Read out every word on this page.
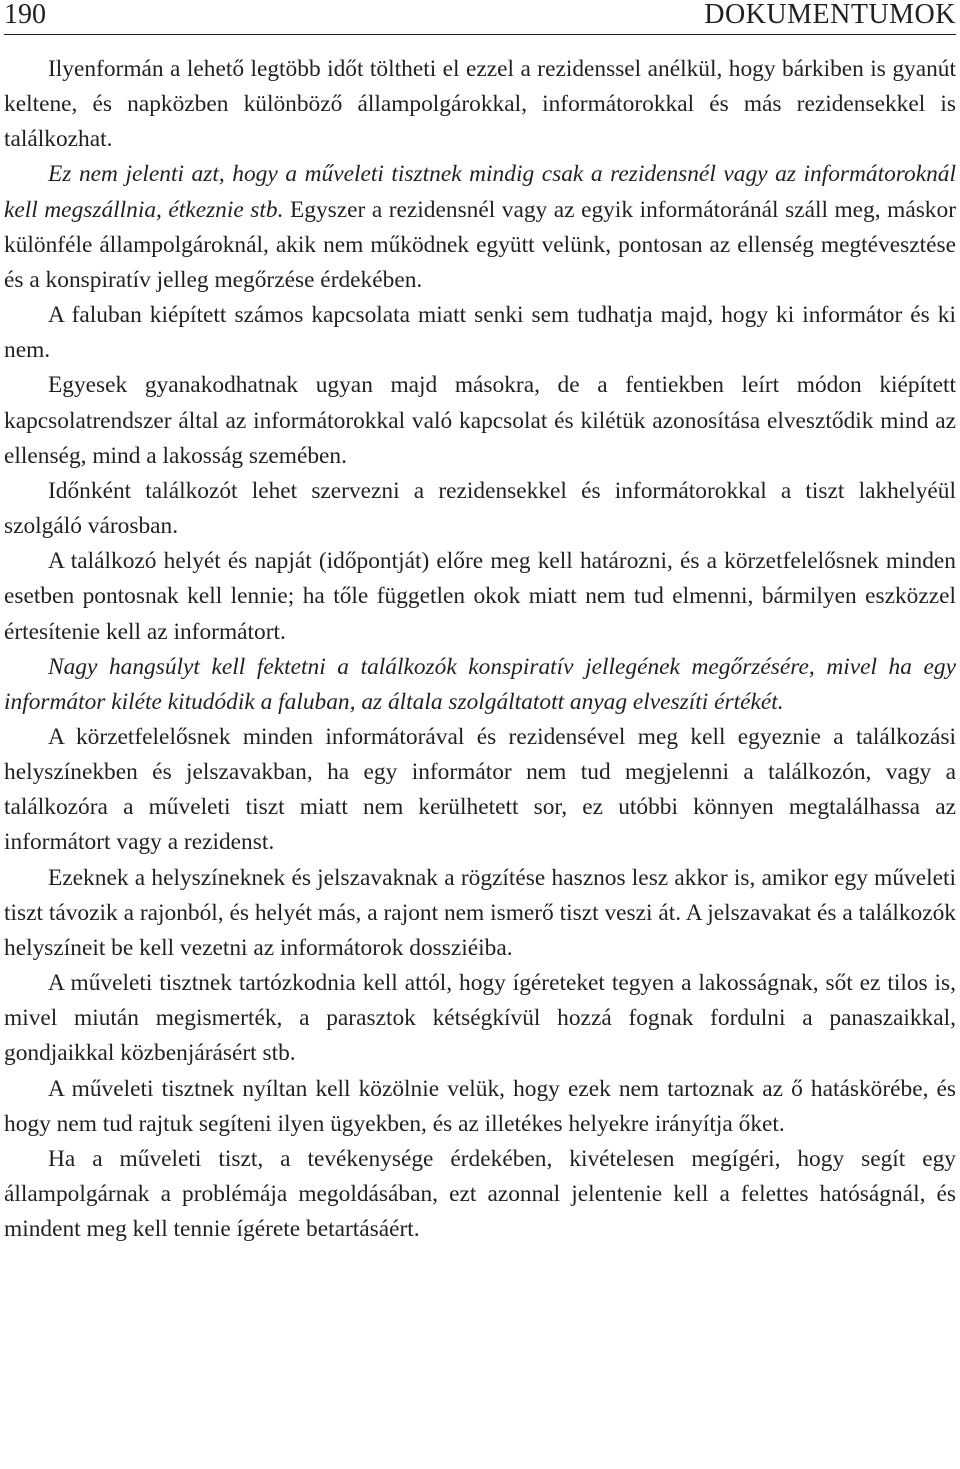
190	DOKUMENTUMOK

Ilyenformán a lehető legtöbb időt töltheti el ezzel a rezidenssel anélkül, hogy bárkiben is gyanút keltene, és napközben különböző állampolgárokkal, informátorokkal és más rezidensekkel is találkozhat.

Ez nem jelenti azt, hogy a műveleti tisztnek mindig csak a rezidensnél vagy az informátoroknál kell megszállnia, étkeznie stb. Egyszer a rezidensnél vagy az egyik informátoránál száll meg, máskor különféle állampolgároknál, akik nem működnek együtt velünk, pontosan az ellenség megtévesztése és a konspiratív jelleg megőrzése érdekében.

A faluban kiépített számos kapcsolata miatt senki sem tudhatja majd, hogy ki informátor és ki nem.

Egyesek gyanakodhatnak ugyan majd másokra, de a fentiekben leírt módon kiépített kapcsolatrendszer által az informátorokkal való kapcsolat és kilétük azonosítása elvesztődik mind az ellenség, mind a lakosság szemében.

Időnként találkozót lehet szervezni a rezidensekkel és informátorokkal a tiszt lakhelyéül szolgáló városban.

A találkozó helyét és napját (időpontját) előre meg kell határozni, és a körzetfelelősnek minden esetben pontosnak kell lennie; ha tőle független okok miatt nem tud elmenni, bármilyen eszközzel értesítenie kell az informátort.

Nagy hangsúlyt kell fektetni a találkozók konspiratív jellegének megőrzésére, mivel ha egy informátor kiléte kitudódik a faluban, az általa szolgáltatott anyag elveszíti értékét.

A körzetfelelősnek minden informátorával és rezidensével meg kell egyeznie a találkozási helyszínekben és jelszavakban, ha egy informátor nem tud megjelenni a találkozón, vagy a találkozóra a műveleti tiszt miatt nem kerülhetett sor, ez utóbbi könnyen megtalálhassa az informátort vagy a rezidenst.

Ezeknek a helyszíneknek és jelszavaknak a rögzítése hasznos lesz akkor is, amikor egy műveleti tiszt távozik a rajonból, és helyét más, a rajont nem ismerő tiszt veszi át. A jelszavakat és a találkozók helyszíneit be kell vezetni az informátorok dossziéiba.

A műveleti tisztnek tartózkodnia kell attól, hogy ígéreteket tegyen a lakosságnak, sőt ez tilos is, mivel miután megismerték, a parasztok kétségkívül hozzá fognak fordulni a panaszaikkal, gondjaikkal közbenjárásért stb.

A műveleti tisztnek nyíltan kell közölnie velük, hogy ezek nem tartoznak az ő hatáskörébe, és hogy nem tud rajtuk segíteni ilyen ügyekben, és az illetékes helyekre irányítja őket.

Ha a műveleti tiszt, a tevékenysége érdekében, kivételesen megígéri, hogy segít egy állampolgárnak a problémája megoldásában, ezt azonnal jelentenie kell a felettes hatóságnál, és mindent meg kell tennie ígérete betartásáért.
